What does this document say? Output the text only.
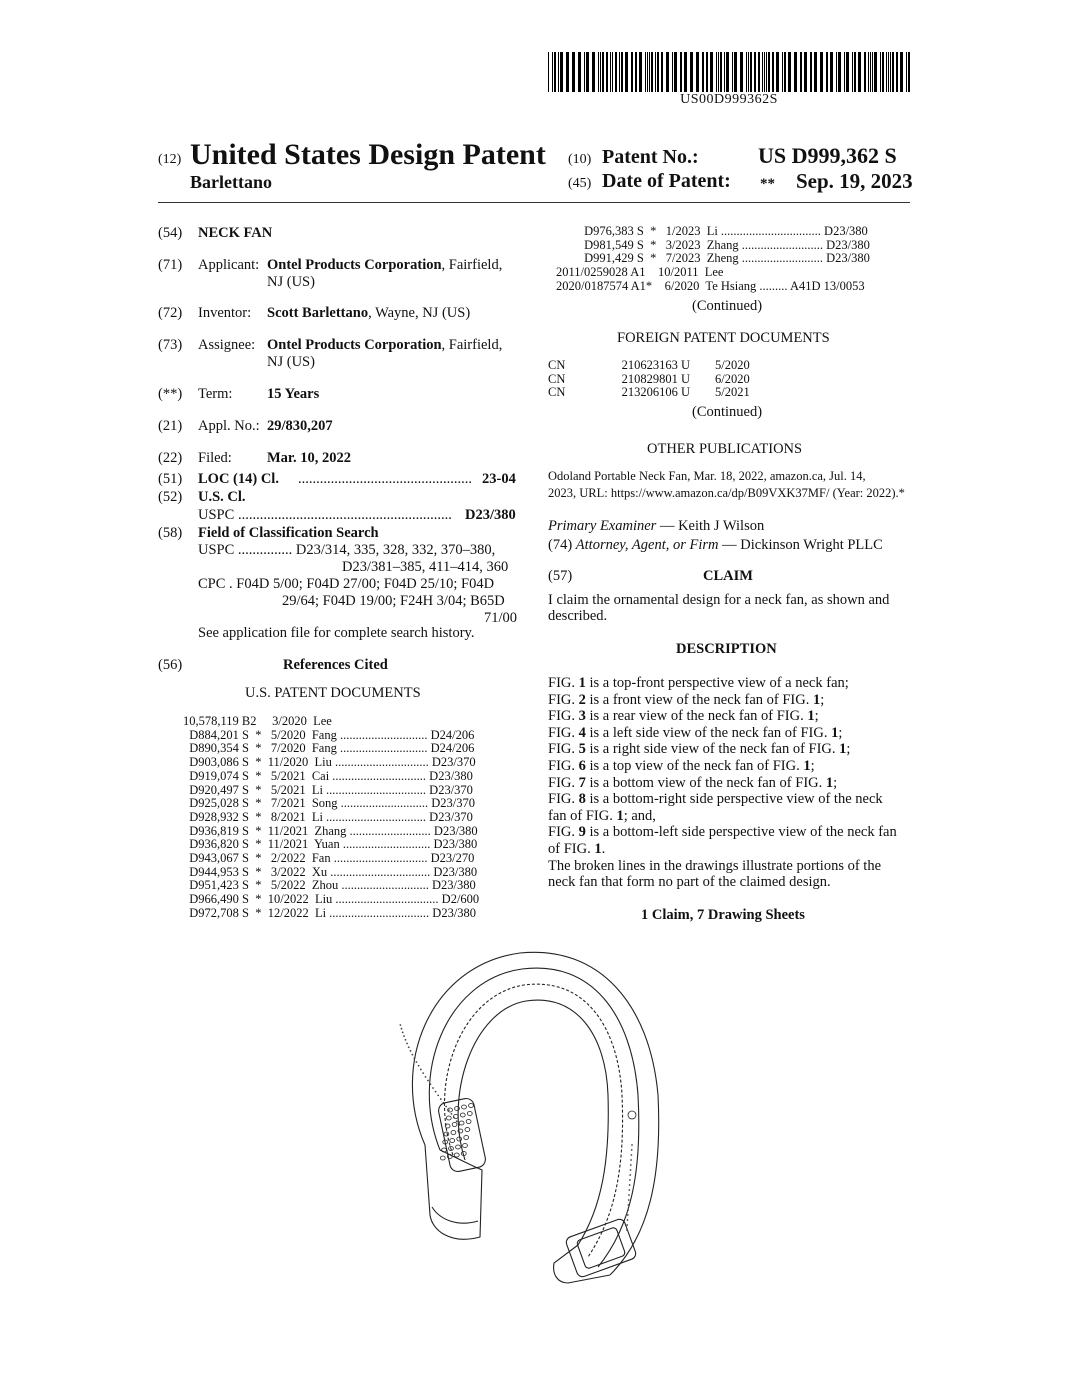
US00D999362S
(12) United States Design Patent
Barlettano
(10) Patent No.:	US D999,362 S
(45) Date of Patent: ** Sep. 19, 2023
(54) NECK FAN
(71) Applicant: Ontel Products Corporation, Fairfield,
NJ (US)
(72) Inventor: Scott Barlettano, Wayne, NJ (US)
(73) Assignee: Ontel Products Corporation, Fairfield,
NJ (US)
(**) Term: 15 Years
(21) Appl. No.: 29/830,207
(22) Filed: Mar. 10, 2022
(51) LOC (14) Cl. ................................................ 23-04
(52) U.S. Cl.
USPC ........................................................... D23/380
(58) Field of Classification Search
USPC ............... D23/314, 335, 328, 332, 370–380,
D23/381–385, 411–414, 360
CPC . F04D 5/00; F04D 27/00; F04D 25/10; F04D
29/64; F04D 19/00; F24H 3/04; B65D
71/00
See application file for complete search history.
(56)	References Cited
U.S. PATENT DOCUMENTS
10,578,119 B2     3/2020  Lee
D884,201 S  *   5/2020  Fang ............................ D24/206
D890,354 S  *   7/2020  Fang ............................ D24/206
D903,086 S  *  11/2020  Liu .............................. D23/370
D919,074 S  *   5/2021  Cai .............................. D23/380
D920,497 S  *   5/2021  Li ................................ D23/370
D925,028 S  *   7/2021  Song ............................ D23/370
D928,932 S  *   8/2021  Li ................................ D23/370
D936,819 S  *  11/2021  Zhang .......................... D23/380
D936,820 S  *  11/2021  Yuan ............................ D23/380
D943,067 S  *   2/2022  Fan .............................. D23/270
D944,953 S  *   3/2022  Xu ................................ D23/380
D951,423 S  *   5/2022  Zhou ............................ D23/380
D966,490 S  *  10/2022  Liu ................................. D2/600
D972,708 S  *  12/2022  Li ................................ D23/380
D976,383 S  *   1/2023  Li ................................ D23/380
D981,549 S  *   3/2023  Zhang .......................... D23/380
D991,429 S  *   7/2023  Zheng .......................... D23/380
2011/0259028 A1    10/2011  Lee
2020/0187574 A1*    6/2020  Te Hsiang ......... A41D 13/0053
(Continued)
FOREIGN PATENT DOCUMENTS
CN                  210623163 U        5/2020
CN                  210829801 U        6/2020
CN                  213206106 U        5/2021
(Continued)
OTHER PUBLICATIONS
Odoland Portable Neck Fan, Mar. 18, 2022, amazon.ca, Jul. 14,
2023, URL: https://www.amazon.ca/dp/B09VXK37MF/ (Year: 2022).*
Primary Examiner — Keith J Wilson
(74) Attorney, Agent, or Firm — Dickinson Wright PLLC
(57)	CLAIM
I claim the ornamental design for a neck fan, as shown and
described.
DESCRIPTION
FIG. 1 is a top-front perspective view of a neck fan;
FIG. 2 is a front view of the neck fan of FIG. 1;
FIG. 3 is a rear view of the neck fan of FIG. 1;
FIG. 4 is a left side view of the neck fan of FIG. 1;
FIG. 5 is a right side view of the neck fan of FIG. 1;
FIG. 6 is a top view of the neck fan of FIG. 1;
FIG. 7 is a bottom view of the neck fan of FIG. 1;
FIG. 8 is a bottom-right side perspective view of the neck
fan of FIG. 1; and,
FIG. 9 is a bottom-left side perspective view of the neck fan
of FIG. 1.
The broken lines in the drawings illustrate portions of the
neck fan that form no part of the claimed design.
1 Claim, 7 Drawing Sheets
